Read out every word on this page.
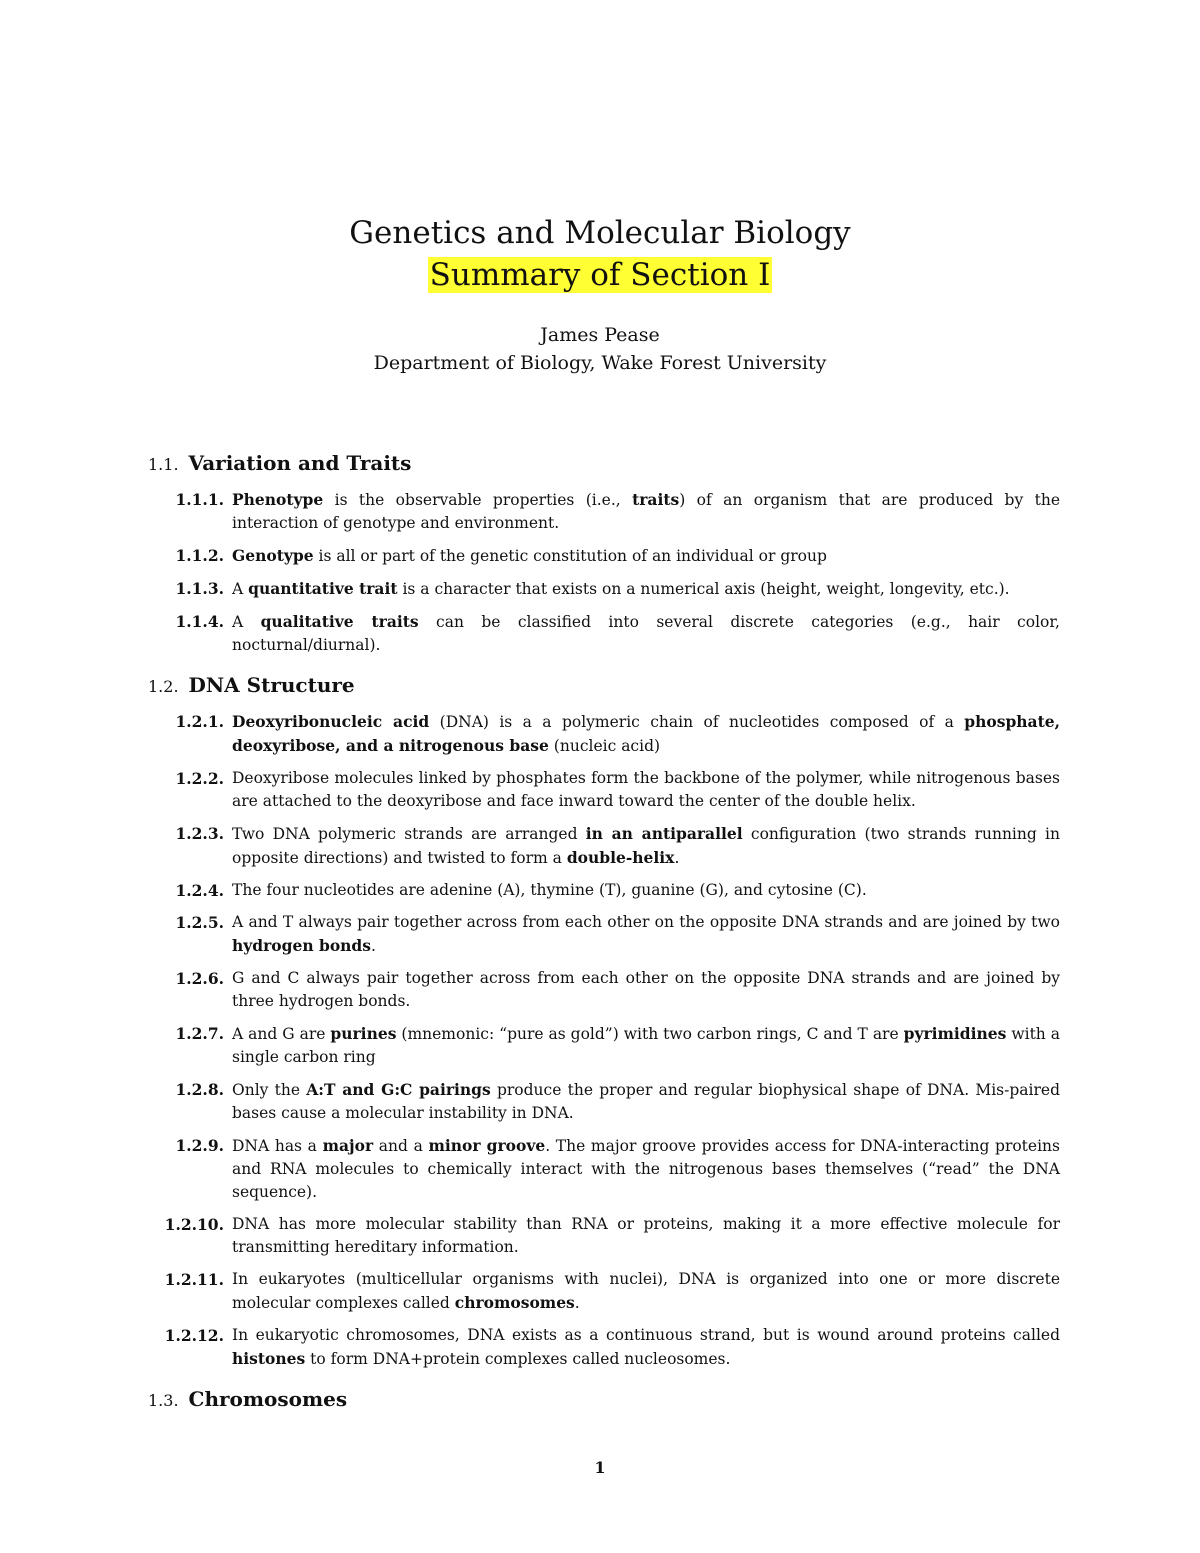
Genetics and Molecular Biology
Summary of Section I
James Pease
Department of Biology, Wake Forest University
1.1. Variation and Traits
1.1.1. Phenotype is the observable properties (i.e., traits) of an organism that are produced by the interaction of genotype and environment.
1.1.2. Genotype is all or part of the genetic constitution of an individual or group
1.1.3. A quantitative trait is a character that exists on a numerical axis (height, weight, longevity, etc.).
1.1.4. A qualitative traits can be classified into several discrete categories (e.g., hair color, nocturnal/diurnal).
1.2. DNA Structure
1.2.1. Deoxyribonucleic acid (DNA) is a a polymeric chain of nucleotides composed of a phosphate, deoxyribose, and a nitrogenous base (nucleic acid)
1.2.2. Deoxyribose molecules linked by phosphates form the backbone of the polymer, while nitrogenous bases are attached to the deoxyribose and face inward toward the center of the double helix.
1.2.3. Two DNA polymeric strands are arranged in an antiparallel configuration (two strands running in opposite directions) and twisted to form a double-helix.
1.2.4. The four nucleotides are adenine (A), thymine (T), guanine (G), and cytosine (C).
1.2.5. A and T always pair together across from each other on the opposite DNA strands and are joined by two hydrogen bonds.
1.2.6. G and C always pair together across from each other on the opposite DNA strands and are joined by three hydrogen bonds.
1.2.7. A and G are purines (mnemonic: “pure as gold”) with two carbon rings, C and T are pyrimidines with a single carbon ring
1.2.8. Only the A:T and G:C pairings produce the proper and regular biophysical shape of DNA. Mis-paired bases cause a molecular instability in DNA.
1.2.9. DNA has a major and a minor groove. The major groove provides access for DNA-interacting proteins and RNA molecules to chemically interact with the nitrogenous bases themselves (“read” the DNA sequence).
1.2.10. DNA has more molecular stability than RNA or proteins, making it a more effective molecule for transmitting hereditary information.
1.2.11. In eukaryotes (multicellular organisms with nuclei), DNA is organized into one or more discrete molecular complexes called chromosomes.
1.2.12. In eukaryotic chromosomes, DNA exists as a continuous strand, but is wound around proteins called histones to form DNA+protein complexes called nucleosomes.
1.3. Chromosomes
1
